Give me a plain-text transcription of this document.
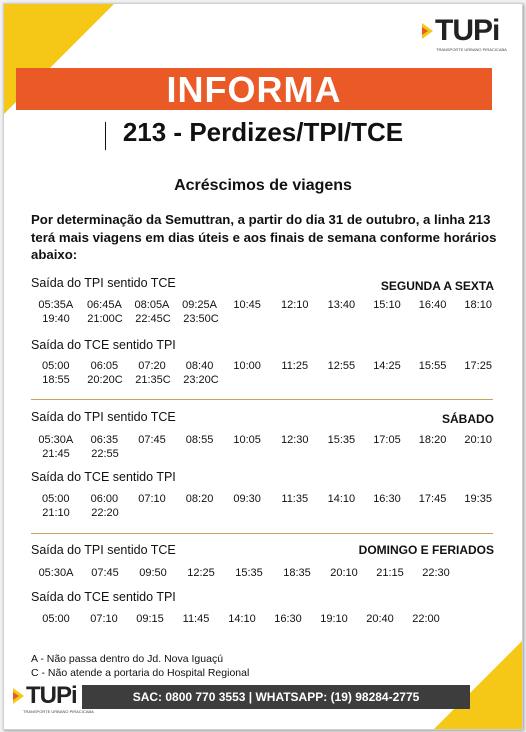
TUPi
TRANSPORTE URBANO PIRACICABA
INFORMA
213 - Perdizes/TPI/TCE
Acréscimos de viagens
Por determinação da Semuttran, a partir do dia 31 de outubro, a linha 213 terá mais viagens em dias úteis e aos finais de semana conforme horários abaixo:
Saída do TPI sentido TCE	SEGUNDA A SEXTA
05:35A	06:45A	08:05A	09:25A	10:45	12:10	13:40	15:10	16:40	18:10
19:40	21:00C	22:45C	23:50C
Saída do TCE sentido TPI
05:00	06:05	07:20	08:40	10:00	11:25	12:55	14:25	15:55	17:25
18:55	20:20C	21:35C	23:20C
Saída do TPI sentido TCE	SÁBADO
05:30A	06:35	07:45	08:55	10:05	12:30	15:35	17:05	18:20	20:10
21:45	22:55
Saída do TCE sentido TPI
05:00	06:00	07:10	08:20	09:30	11:35	14:10	16:30	17:45	19:35
21:10	22:20
Saída do TPI sentido TCE	DOMINGO E FERIADOS
05:30A	07:45	09:50	12:25	15:35	18:35	20:10	21:15	22:30
Saída do TCE sentido TPI
05:00	07:10	09:15	11:45	14:10	16:30	19:10	20:40	22:00
A - Não passa dentro do Jd. Nova Iguaçú
C - Não atende a portaria do Hospital Regional
SAC: 0800 770 3553 | WHATSAPP: (19) 98284-2775
TUPi
TRANSPORTE URBANO PIRACICABA
